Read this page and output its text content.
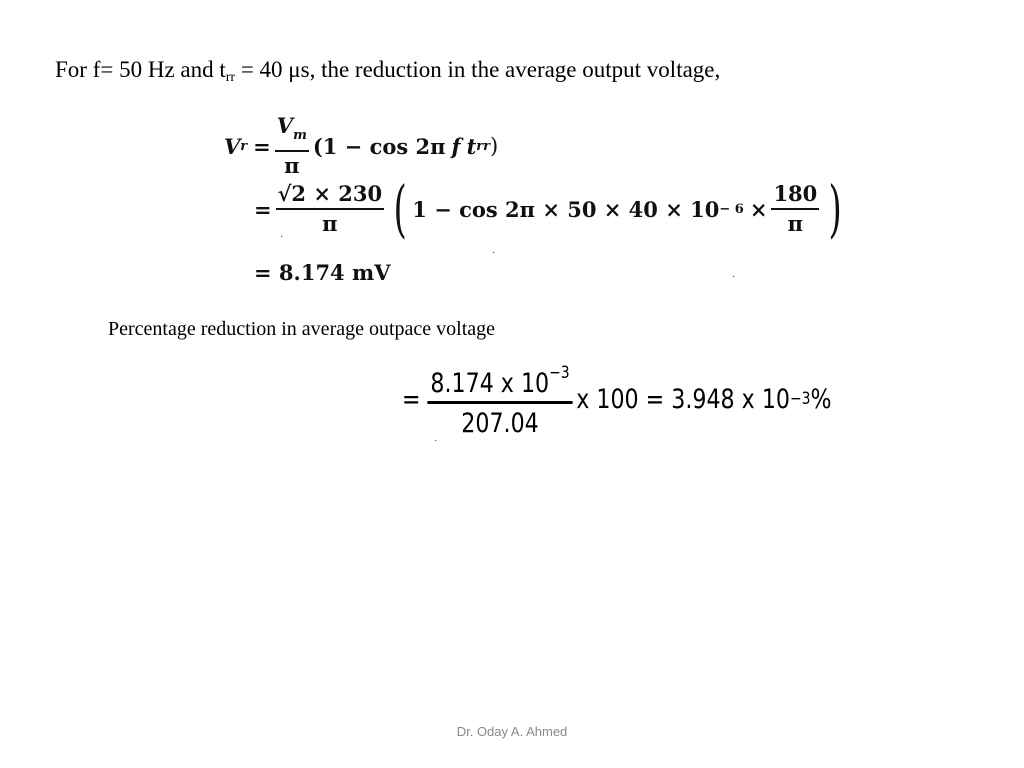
For f= 50 Hz and $t_{rr} = 40$ μs, the reduction in the average output voltage,

V $r = \frac{V_m}{\pi} (1 - \cos 2\pi$ f t rr )
= $\frac{√2 \times 230}{\pi}$ ( $1 - \cos 2\pi \times 50 \times 40 \times 10 - 6 \times \frac{180}{\pi}$ )
= 8.174 mV
·
·
·
Percentage reduction in average outpace voltage
= $\frac{8.174 x 10^{-3}}{207.04}$ x 100 = 3.948 x 10 −3 %
·
Dr. Oday A. Ahmed
